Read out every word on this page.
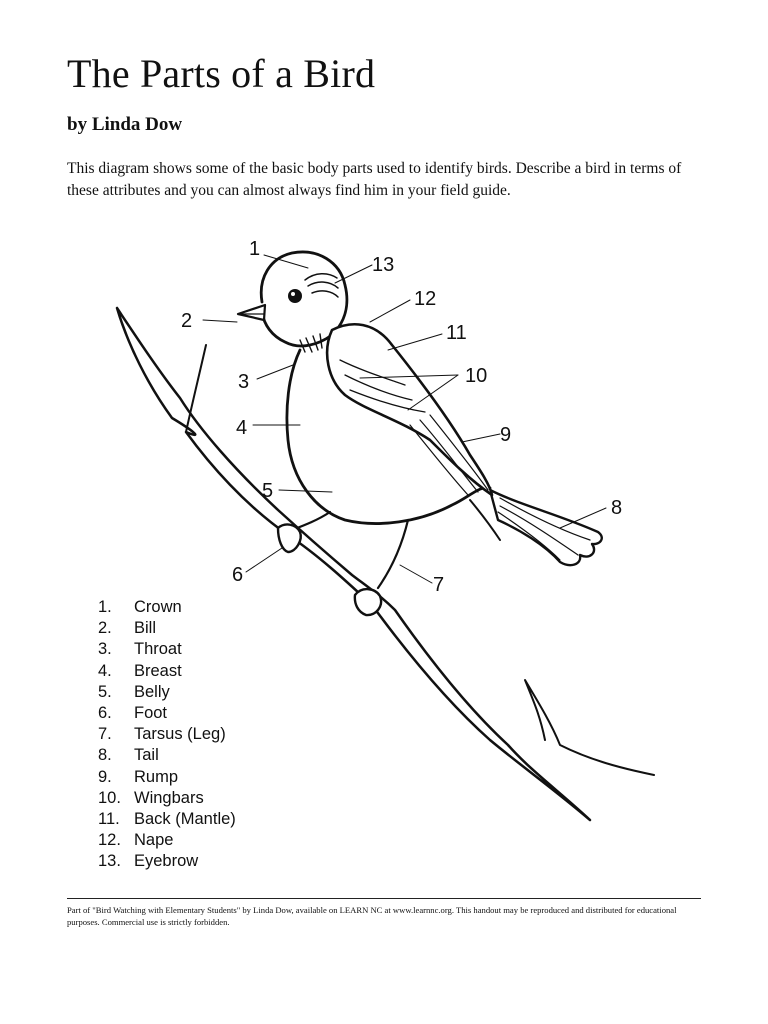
The Parts of a Bird
by Linda Dow
This diagram shows some of the basic body parts used to identify birds. Describe a bird in terms of these attributes and you can almost always find him in your field guide.
1
2
3
4
5
6	7
8
9
10
11
12
13
1.	Crown
2.	Bill
3.	Throat
4.	Breast
5.	Belly
6.	Foot
7.	Tarsus (Leg)
8.	Tail
9.	Rump
10. Wingbars
11. Back (Mantle)
12. Nape
13. Eyebrow
Part of "Bird Watching with Elementary Students" by Linda Dow, available on LEARN NC at www.learnnc.org. This handout may be reproduced and distributed for educational purposes. Commercial use is strictly forbidden.
